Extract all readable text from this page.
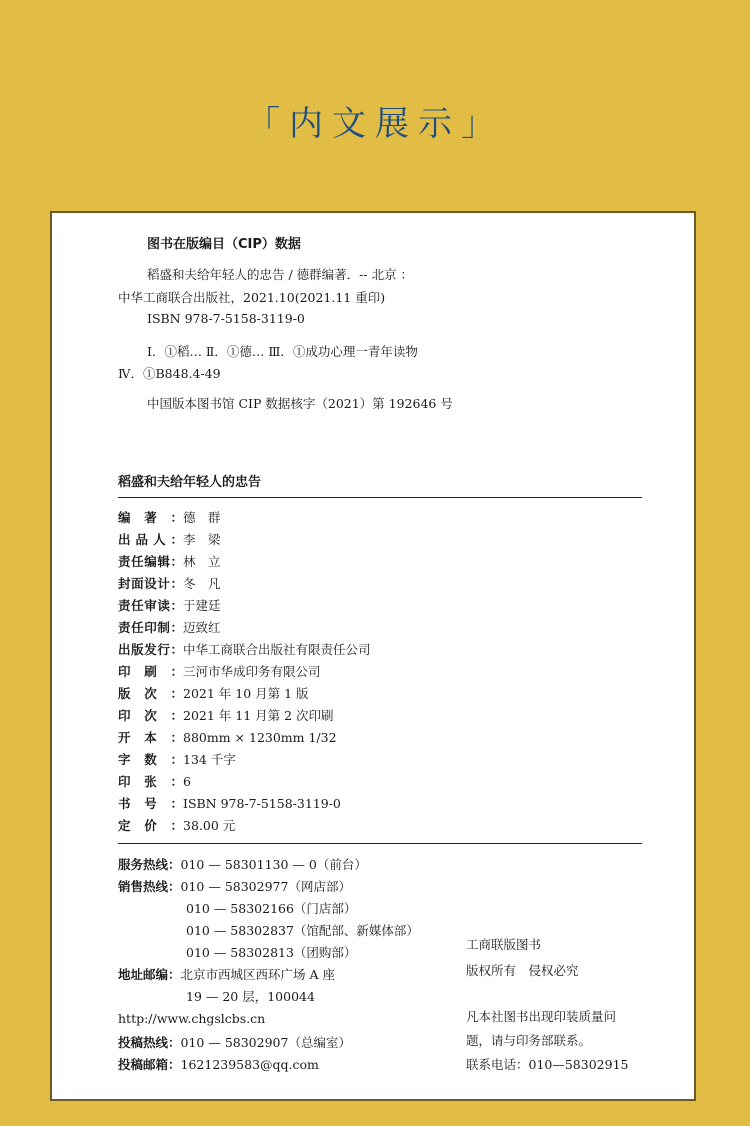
「内文展示」
图书在版编目（CIP）数据
稻盛和夫给年轻人的忠告 / 德群编著．-- 北京 ：
中华工商联合出版社，2021.10(2021.11 重印)
ISBN 978-7-5158-3119-0
Ⅰ．①稻… Ⅱ．①德… Ⅲ．①成功心理一青年读物
Ⅳ．①B848.4-49
中国版本图书馆 CIP 数据核字（2021）第 192646 号
稻盛和夫给年轻人的忠告
编著：德　群
出品人：李　梁
责任编辑：林　立
封面设计：冬　凡
责任审读：于建廷
责任印制：迈致红
出版发行：中华工商联合出版社有限责任公司
印刷：三河市华成印务有限公司
版次：2021 年 10 月第 1 版
印次：2021 年 11 月第 2 次印刷
开本：880mm × 1230mm 1/32
字数：134 千字
印张：6
书号：ISBN 978-7-5158-3119-0
定价：38.00 元
服务热线：010 — 58301130 — 0（前台）
销售热线：010 — 58302977（网店部）
010 — 58302166（门店部）
010 — 58302837（馆配部、新媒体部）
010 — 58302813（团购部）
地址邮编：北京市西城区西环广场 A 座
19 — 20 层，100044
http://www.chgslcbs.cn
投稿热线：010 — 58302907（总编室）
投稿邮箱：1621239583@qq.com
工商联版图书
版权所有　侵权必究
凡本社图书出现印装质量问
题，请与印务部联系。
联系电话：010—58302915
